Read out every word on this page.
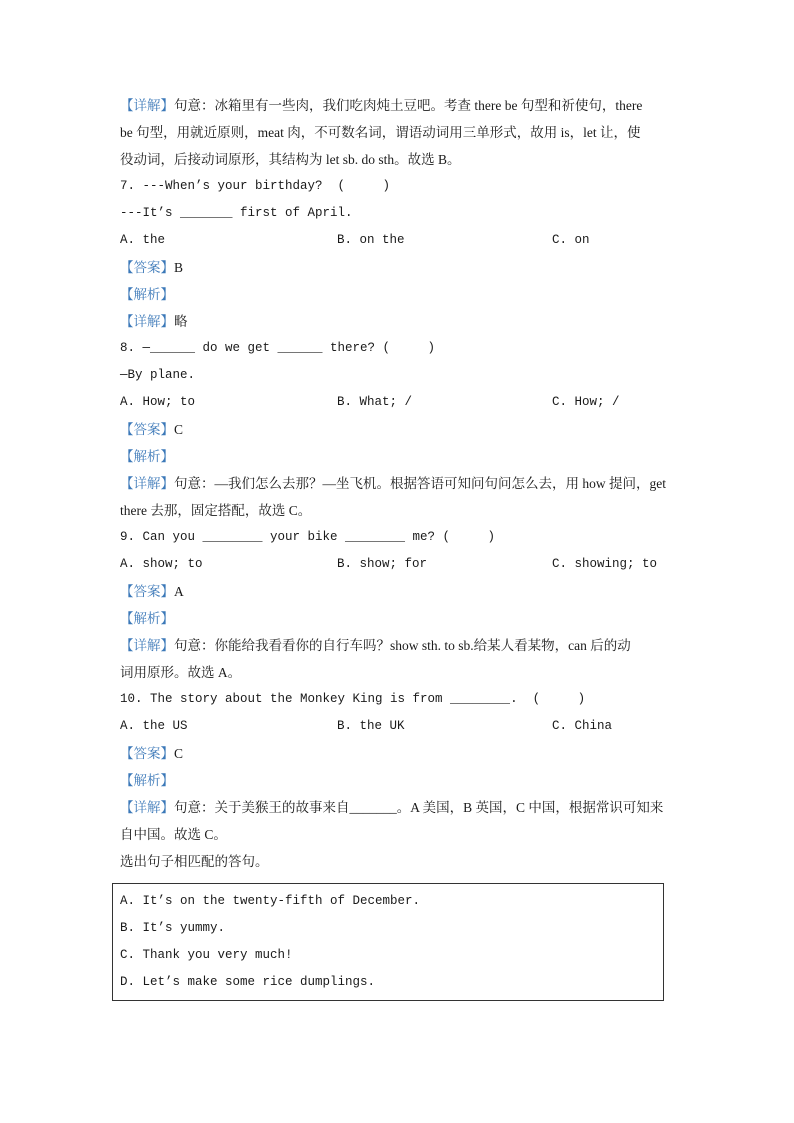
【详解】句意：冰箱里有一些肉，我们吃肉炖土豆吧。考查 there be 句型和祈使句，there
be 句型，用就近原则，meat 肉，不可数名词，谓语动词用三单形式，故用 is，let 让，使
役动词，后接动词原形，其结构为 let sb. do sth。故选 B。
7. ---When’s your birthday?  (     )
---It’s _______ first of April.
A. the	B. on the	C. on
【答案】B
【解析】
【详解】略
8. —______ do we get ______ there? (     )
—By plane.
A. How; to	B. What; /	C. How; /
【答案】C
【解析】
【详解】句意：—我们怎么去那？—坐飞机。根据答语可知问句问怎么去，用 how 提问，get
there 去那，固定搭配，故选 C。
9. Can you ________ your bike ________ me? (     )
A. show; to	B. show; for	C. showing; to
【答案】A
【解析】
【详解】句意：你能给我看看你的自行车吗？show sth. to sb.给某人看某物，can 后的动
词用原形。故选 A。
10. The story about the Monkey King is from ________.  (     )
A. the US	B. the UK	C. China
【答案】C
【解析】
【详解】句意：关于美猴王的故事来自_______。A 美国，B 英国，C 中国，根据常识可知来
自中国。故选 C。
选出句子相匹配的答句。
A. It’s on the twenty-fifth of December.
B. It’s yummy.
C. Thank you very much!
D. Let’s make some rice dumplings.
